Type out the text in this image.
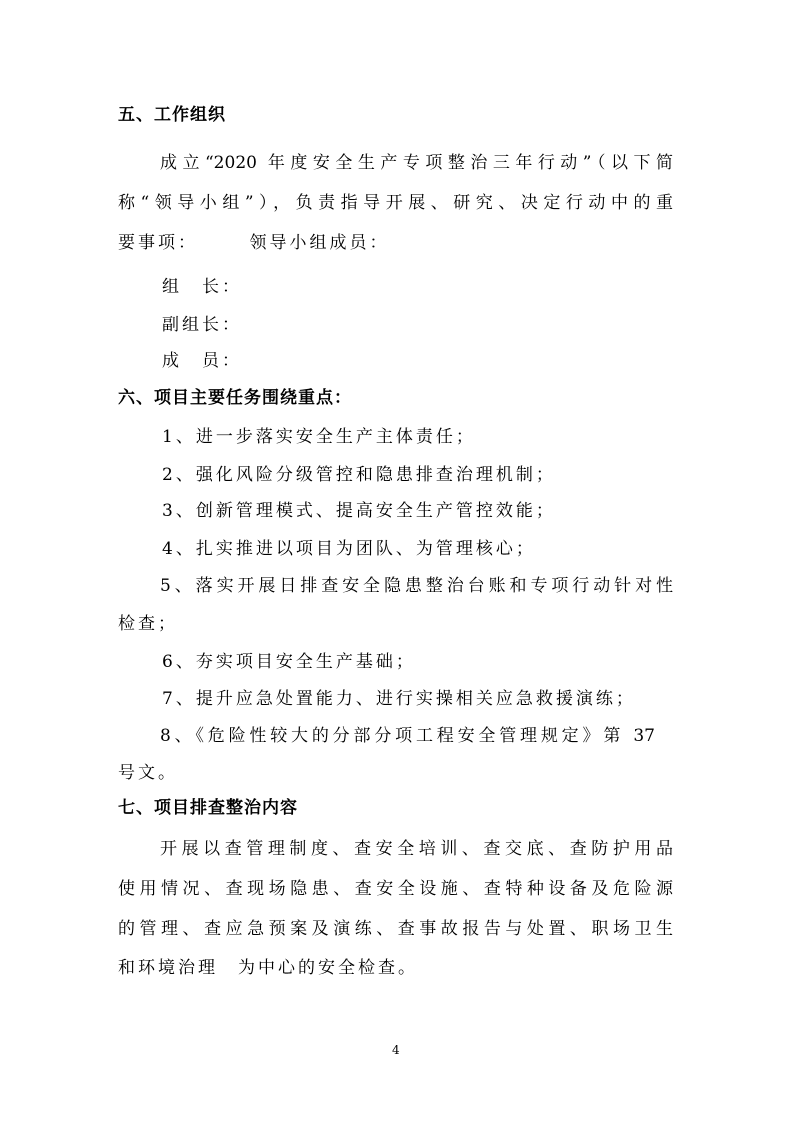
五、工作组织
成立“2020 年度安全生产专项整治三年行动”（以下简
称“领导小组”），负责指导开展、研究、决定行动中的重
要事项：　　　领导小组成员：
组　长：
副组长：
成　员：
六、项目主要任务围绕重点：
1、进一步落实安全生产主体责任；
2、强化风险分级管控和隐患排查治理机制；
3、创新管理模式、提高安全生产管控效能；
4、扎实推进以项目为团队、为管理核心；
5、落实开展日排查安全隐患整治台账和专项行动针对性
检查；
6、夯实项目安全生产基础；
7、提升应急处置能力、进行实操相关应急救援演练；
8、《危险性较大的分部分项工程安全管理规定》第 37
号文。
七、项目排查整治内容
开展以查管理制度、查安全培训、查交底、查防护用品
使用情况、查现场隐患、查安全设施、查特种设备及危险源
的管理、查应急预案及演练、查事故报告与处置、职场卫生
和环境治理　为中心的安全检查。
4
